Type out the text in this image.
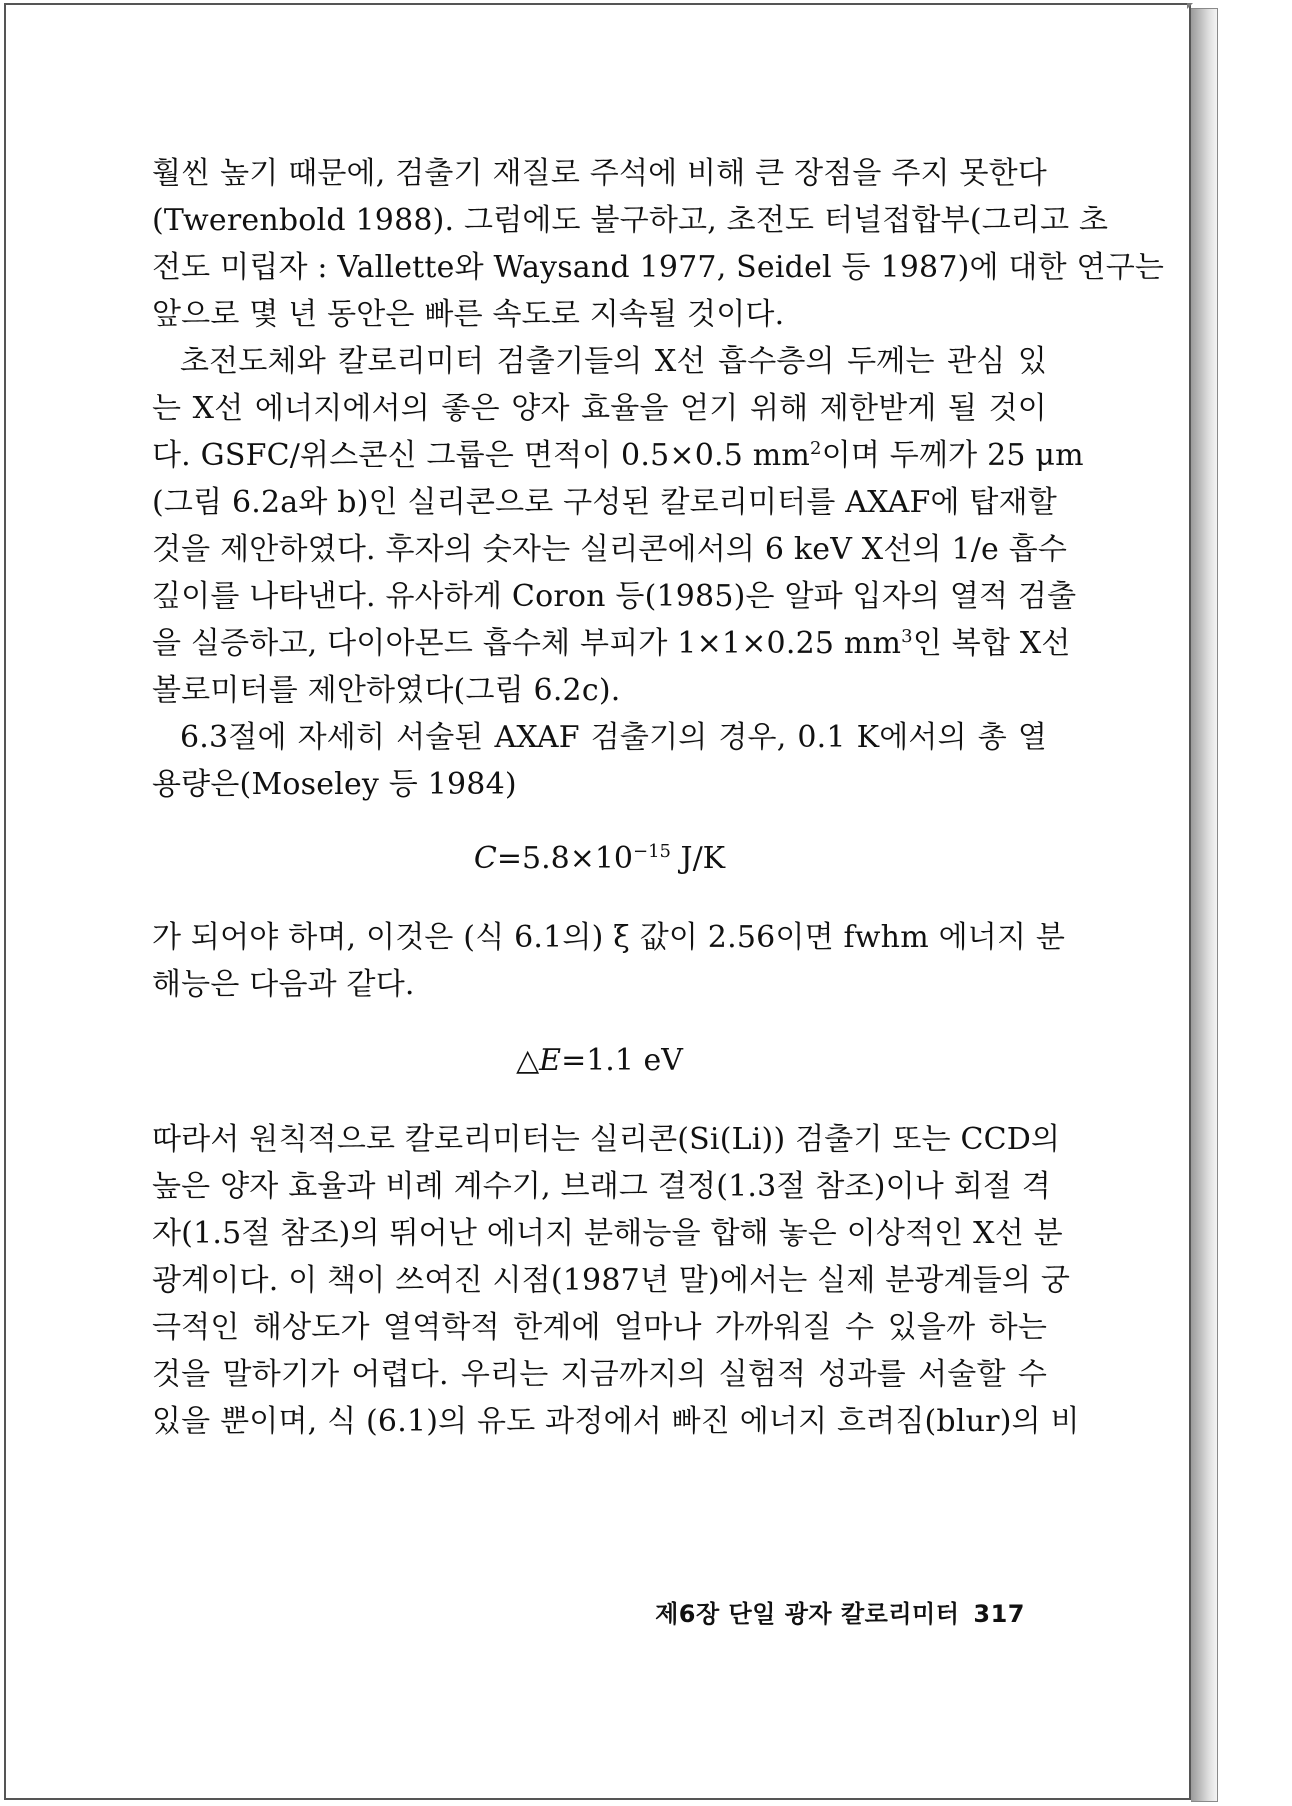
훨씬 높기 때문에, 검출기 재질로 주석에 비해 큰 장점을 주지 못한다
(Twerenbold 1988). 그럼에도 불구하고, 초전도 터널접합부(그리고 초
전도 미립자 : Vallette와 Waysand 1977, Seidel 등 1987)에 대한 연구는
앞으로 몇 년 동안은 빠른 속도로 지속될 것이다.
초전도체와 칼로리미터 검출기들의 X선 흡수층의 두께는 관심 있
는 X선 에너지에서의 좋은 양자 효율을 얻기 위해 제한받게 될 것이
다. GSFC/위스콘신 그룹은 면적이 0.5×0.5 $mm^2$이며 두께가 25 μm
(그림 6.2a와 b)인 실리콘으로 구성된 칼로리미터를 AXAF에 탑재할
것을 제안하였다. 후자의 숫자는 실리콘에서의 6 keV X선의 1/e 흡수
깊이를 나타낸다. 유사하게 Coron 등(1985)은 알파 입자의 열적 검출
을 실증하고, 다이아몬드 흡수체 부피가 1×1×0.25 $mm^3$인 복합 X선
볼로미터를 제안하였다(그림 6.2c).
6.3절에 자세히 서술된 AXAF 검출기의 경우, 0.1 K에서의 총 열
용량은(Moseley 등 1984)
$C=5.8\times 10^{-15}$ J/K
가 되어야 하며, 이것은 (식 6.1의) ξ 값이 2.56이면 fwhm 에너지 분
해능은 다음과 같다.
△E=1.1 eV
따라서 원칙적으로 칼로리미터는 실리콘(Si(Li)) 검출기 또는 CCD의
높은 양자 효율과 비례 계수기, 브래그 결정(1.3절 참조)이나 회절 격
자(1.5절 참조)의 뛰어난 에너지 분해능을 합해 놓은 이상적인 X선 분
광계이다. 이 책이 쓰여진 시점(1987년 말)에서는 실제 분광계들의 궁
극적인 해상도가 열역학적 한계에 얼마나 가까워질 수 있을까 하는
것을 말하기가 어렵다. 우리는 지금까지의 실험적 성과를 서술할 수
있을 뿐이며, 식 (6.1)의 유도 과정에서 빠진 에너지 흐려짐(blur)의 비
제6장 단일 광자 칼로리미터 317
